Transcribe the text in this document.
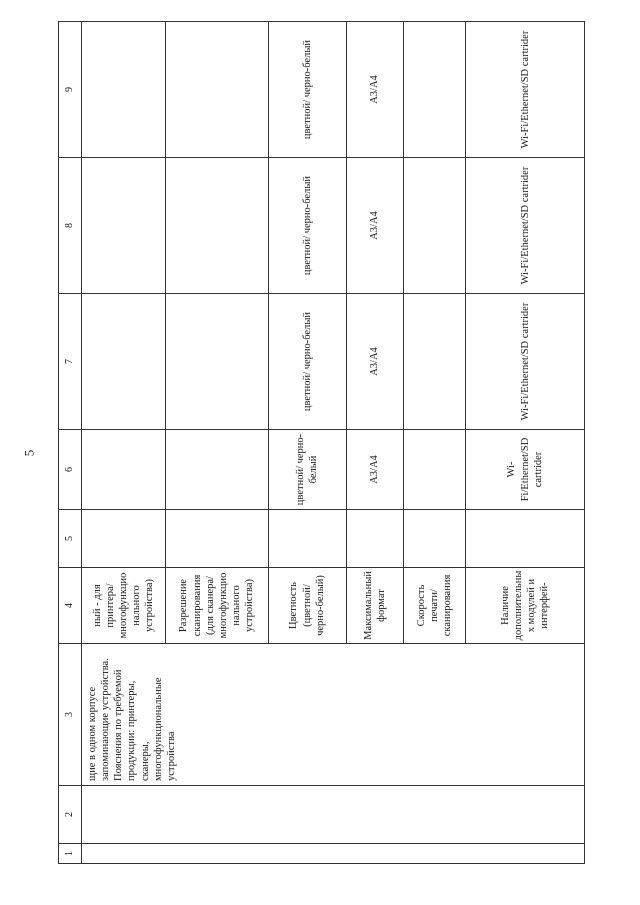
5
1	2	3	4	5	6	7	8	9
		щие в одном корпусе запоминающие устройства. Пояснения по требуемой продукции: принтеры, сканеры, многофункциональные устройства	ный - для принтера/многофункционального устройства)					
			Разрешение сканирования (для сканера/ многофункционального устройства)					
			Цветность (цветной/черно-белый)		цветной/ черно-белый	цветной/ черно-белый	цветной/ черно-белый	цветной/ черно-белый
			Максимальный формат		A3/A4	A3/A4	A3/A4	A3/A4
			Скорость печати/ сканирования					
			Наличие дополнительных модулей и интерфей-		Wi-Fi/Ethernet/SD cartrider	Wi-Fi/Ethernet/SD cartrider	Wi-Fi/Ethernet/SD cartrider	Wi-Fi/Ethernet/SD cartrider
